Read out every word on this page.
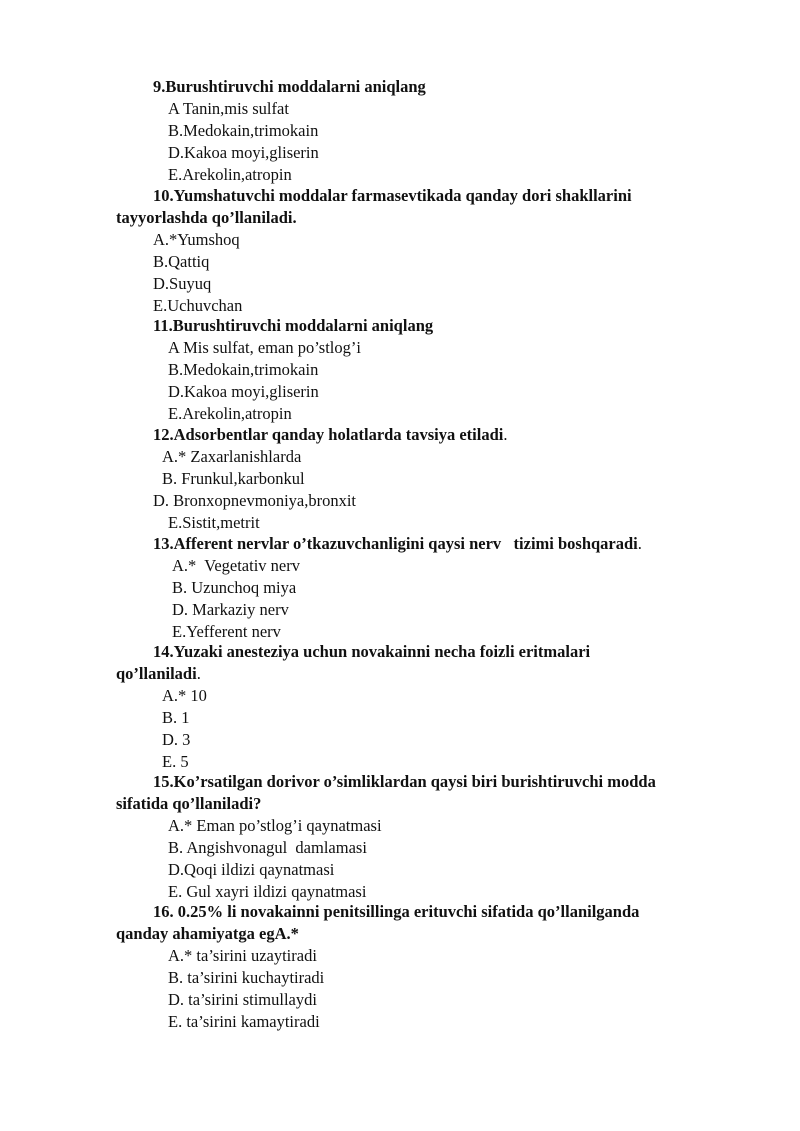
9.Burushtiruvchi moddalarni aniqlang
A Tanin,mis sulfat
B.Medokain,trimokain
D.Kakoa moyi,gliserin
E.Arekolin,atropin
10.Yumshatuvchi moddalar farmasevtikada qanday dori shakllarini
tayyorlashda qo’llaniladi.
A.*Yumshoq
B.Qattiq
D.Suyuq
E.Uchuvchan
11.Burushtiruvchi moddalarni aniqlang
A Mis sulfat, eman po’stlog’i
B.Medokain,trimokain
D.Kakoa moyi,gliserin
E.Arekolin,atropin
12.Adsorbentlar qanday holatlarda tavsiya etiladi.
A.* Zaxarlanishlarda
B. Frunkul,karbonkul
D. Bronxopnevmoniya,bronxit
E.Sistit,metrit
13.Afferent nervlar o’tkazuvchanligini qaysi nerv   tizimi boshqaradi.
A.*  Vegetativ nerv
B. Uzunchoq miya
D. Markaziy nerv
E.Yefferent nerv
14.Yuzaki anesteziya uchun novakainni necha foizli eritmalari
qo’llaniladi.
A.* 10
B. 1
D. 3
E. 5
15.Ko’rsatilgan dorivor o’simliklardan qaysi biri burishtiruvchi modda
sifatida qo’llaniladi?
A.* Eman po’stlog’i qaynatmasi
B. Angishvonagul  damlamasi
D.Qoqi ildizi qaynatmasi
E. Gul xayri ildizi qaynatmasi
16. 0.25% li novakainni penitsillinga erituvchi sifatida qo’llanilganda
qanday ahamiyatga egA.*
A.* ta’sirini uzaytiradi
B. ta’sirini kuchaytiradi
D. ta’sirini stimullaydi
E. ta’sirini kamaytiradi
